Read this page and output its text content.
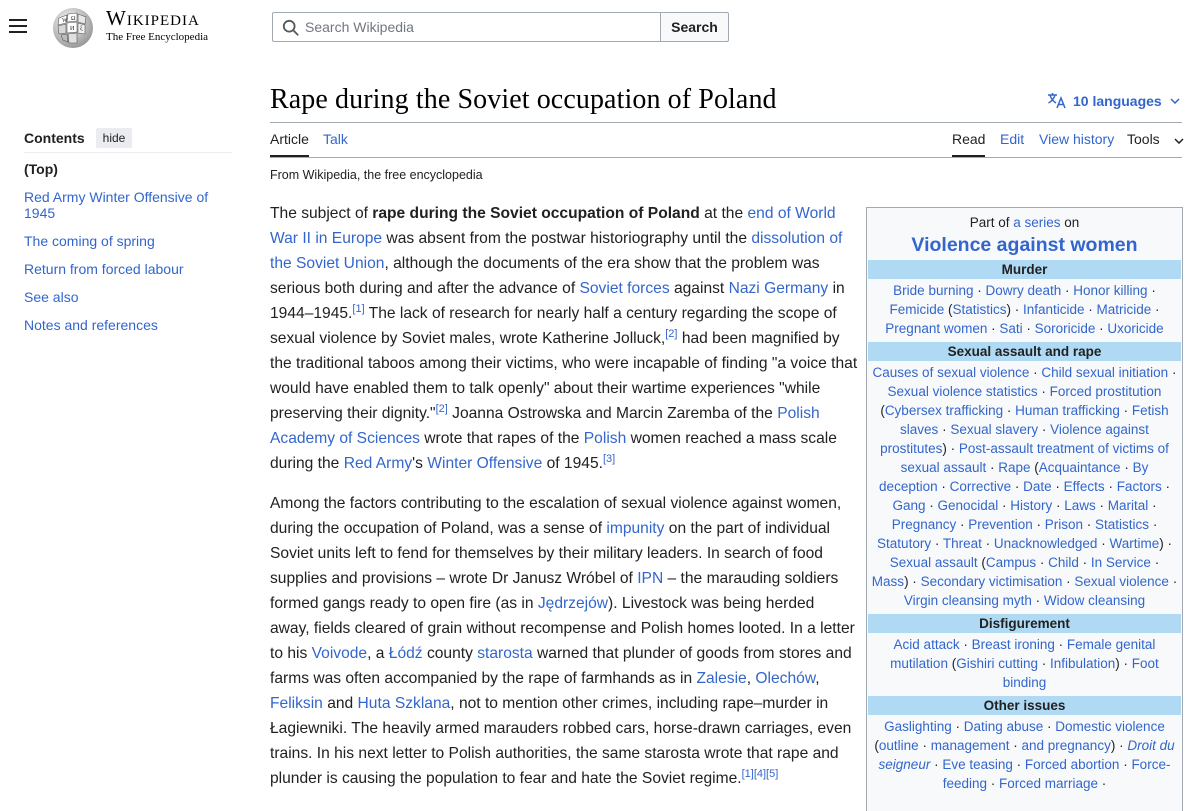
W Ω
И ξ Wikipedia
The Free Encyclopedia
Search Wikipedia
Search
Contents	hide
(Top)
Red Army Winter Offensive of 1945
The coming of spring
Return from forced labour
See also
Notes and references
Rape during the Soviet occupation of Poland	10 languages
Article Talk	Read Edit View history Tools
From Wikipedia, the free encyclopedia

The subject of rape during the Soviet occupation of Poland at the end of World War II in Europe was absent from the postwar historiography until the dissolution of the Soviet Union, although the documents of the era show that the problem was serious both during and after the advance of Soviet forces against Nazi Germany in 1944–1945.[1] The lack of research for nearly half a century regarding the scope of sexual violence by Soviet males, wrote Katherine Jolluck,[2] had been magnified by the traditional taboos among their victims, who were incapable of finding "a voice that would have enabled them to talk openly" about their wartime experiences "while preserving their dignity."[2] Joanna Ostrowska and Marcin Zaremba of the Polish Academy of Sciences wrote that rapes of the Polish women reached a mass scale during the Red Army's Winter Offensive of 1945.[3]

Among the factors contributing to the escalation of sexual violence against women, during the occupation of Poland, was a sense of impunity on the part of individual Soviet units left to fend for themselves by their military leaders. In search of food supplies and provisions – wrote Dr Janusz Wróbel of IPN – the marauding soldiers formed gangs ready to open fire (as in Jędrzejów). Livestock was being herded away, fields cleared of grain without recompense and Polish homes looted. In a letter to his Voivode, a Łódź county starosta warned that plunder of goods from stores and farms was often accompanied by the rape of farmhands as in Zalesie, Olechów, Feliksin and Huta Szklana, not to mention other crimes, including rape–murder in Łagiewniki. The heavily armed marauders robbed cars, horse-drawn carriages, even trains. In his next letter to Polish authorities, the same starosta wrote that rape and plunder is causing the population to fear and hate the Soviet regime.[1][4][5]

Part of a series on
Violence against women
Murder
Bride burning · Dowry death · Honor killing · Femicide (Statistics) · Infanticide · Matricide · Pregnant women · Sati · Sororicide · Uxoricide
Sexual assault and rape
Causes of sexual violence · Child sexual initiation · Sexual violence statistics · Forced prostitution (Cybersex trafficking · Human trafficking · Fetish slaves · Sexual slavery · Violence against prostitutes) · Post-assault treatment of victims of sexual assault · Rape (Acquaintance · By deception · Corrective · Date · Effects · Factors · Gang · Genocidal · History · Laws · Marital · Pregnancy · Prevention · Prison · Statistics · Statutory · Threat · Unacknowledged · Wartime) · Sexual assault (Campus · Child · In Service · Mass) · Secondary victimisation · Sexual violence · Virgin cleansing myth · Widow cleansing
Disfigurement
Acid attack · Breast ironing · Female genital mutilation (Gishiri cutting · Infibulation) · Foot binding
Other issues
Gaslighting · Dating abuse · Domestic violence (outline · management · and pregnancy) · Droit du seigneur · Eve teasing · Forced abortion · Force-feeding · Forced marriage ·
